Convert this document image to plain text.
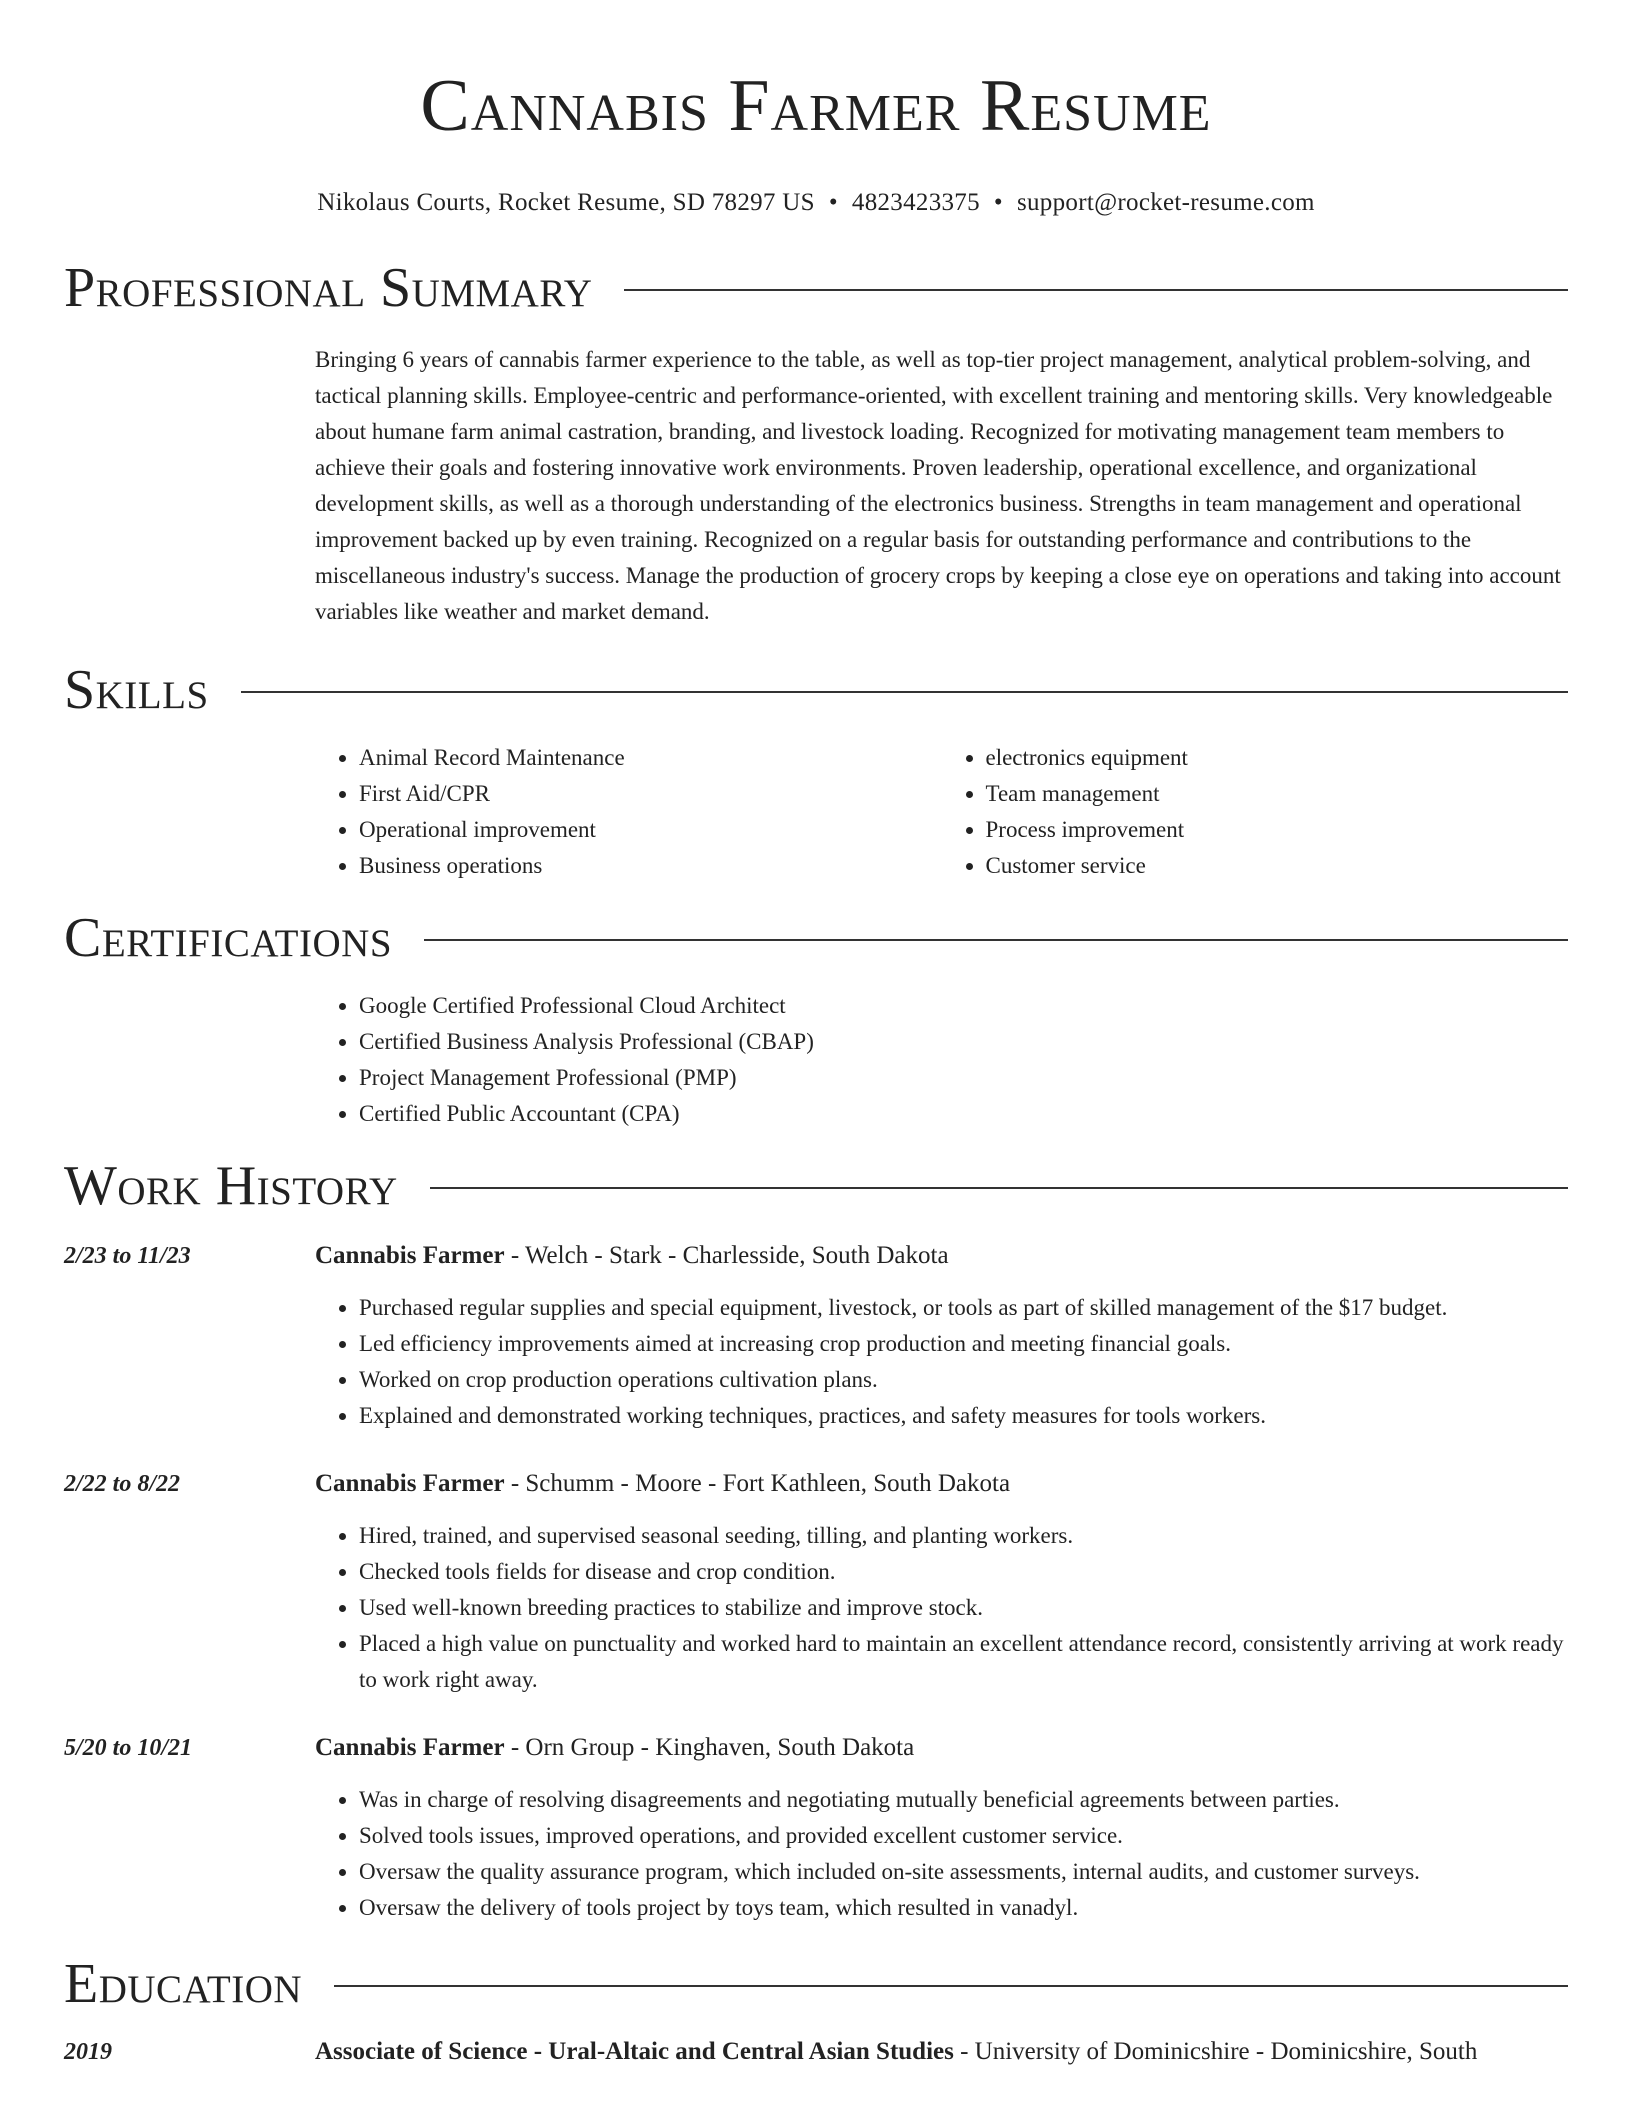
Cannabis Farmer Resume
Nikolaus Courts, Rocket Resume, SD 78297 US • 4823423375 • support@rocket-resume.com
Professional Summary
Bringing 6 years of cannabis farmer experience to the table, as well as top-tier project management, analytical problem-solving, and tactical planning skills. Employee-centric and performance-oriented, with excellent training and mentoring skills. Very knowledgeable about humane farm animal castration, branding, and livestock loading. Recognized for motivating management team members to achieve their goals and fostering innovative work environments. Proven leadership, operational excellence, and organizational development skills, as well as a thorough understanding of the electronics business. Strengths in team management and operational improvement backed up by even training. Recognized on a regular basis for outstanding performance and contributions to the miscellaneous industry's success. Manage the production of grocery crops by keeping a close eye on operations and taking into account variables like weather and market demand.
Skills
• Animal Record Maintenance
• First Aid/CPR
• Operational improvement
• Business operations
• electronics equipment
• Team management
• Process improvement
• Customer service
Certifications
• Google Certified Professional Cloud Architect
• Certified Business Analysis Professional (CBAP)
• Project Management Professional (PMP)
• Certified Public Accountant (CPA)
Work History
2/23 to 11/23	Cannabis Farmer - Welch - Stark - Charlesside, South Dakota
• Purchased regular supplies and special equipment, livestock, or tools as part of skilled management of the $17 budget.
• Led efficiency improvements aimed at increasing crop production and meeting financial goals.
• Worked on crop production operations cultivation plans.
• Explained and demonstrated working techniques, practices, and safety measures for tools workers.
2/22 to 8/22	Cannabis Farmer - Schumm - Moore - Fort Kathleen, South Dakota
• Hired, trained, and supervised seasonal seeding, tilling, and planting workers.
• Checked tools fields for disease and crop condition.
• Used well-known breeding practices to stabilize and improve stock.
• Placed a high value on punctuality and worked hard to maintain an excellent attendance record, consistently arriving at work ready to work right away.
5/20 to 10/21	Cannabis Farmer - Orn Group - Kinghaven, South Dakota
• Was in charge of resolving disagreements and negotiating mutually beneficial agreements between parties.
• Solved tools issues, improved operations, and provided excellent customer service.
• Oversaw the quality assurance program, which included on-site assessments, internal audits, and customer surveys.
• Oversaw the delivery of tools project by toys team, which resulted in vanadyl.
Education
2019	Associate of Science - Ural-Altaic and Central Asian Studies - University of Dominicshire - Dominicshire, South
